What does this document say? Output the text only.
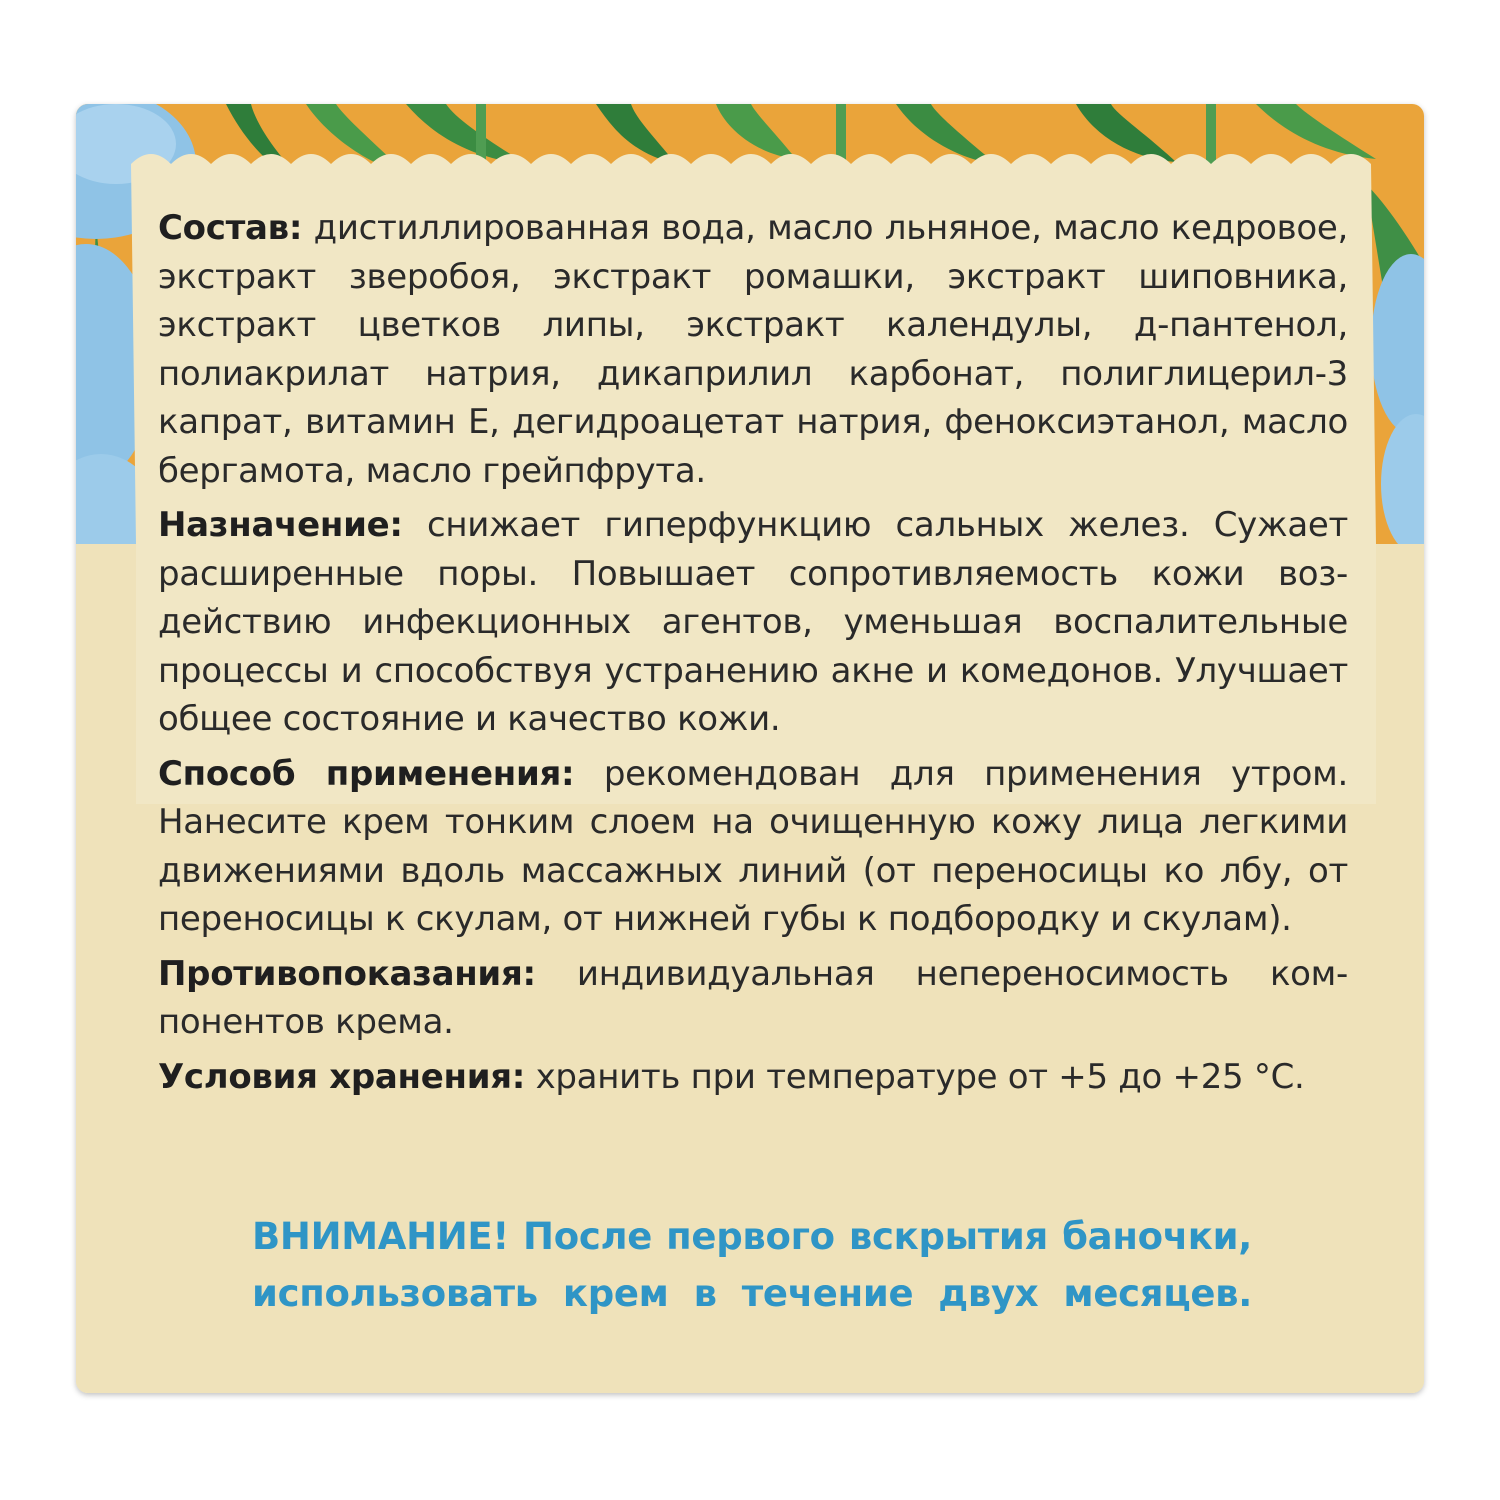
Состав: дистиллированная вода, масло льняное, масло кедровое, экстракт зверобоя, экстракт ромашки, экстракт шиповника, экстракт цветков липы, экстракт календулы, д-пантенол, полиакрилат натрия, дикаприлил карбонат, полиглицерил-3 капрат, витамин Е, дегидроацетат натрия, феноксиэтанол, масло бергамота, масло грейпфрута.

Назначение: снижает гиперфункцию сальных желез. Сужает расширенные поры. Повышает сопротивляемость кожи воз-действию инфекционных агентов, уменьшая воспалительные процессы и способствуя устранению акне и комедонов. Улучшает общее состояние и качество кожи.

Способ применения: рекомендован для применения утром. Нанесите крем тонким слоем на очищенную кожу лица легкими движениями вдоль массажных линий (от переносицы ко лбу, от переносицы к скулам, от нижней губы к подбородку и скулам).

Противопоказания: индивидуальная непереносимость ком-понентов крема.

Условия хранения: хранить при температуре от +5 до +25 °С.

ВНИМАНИЕ! После первого вскрытия баночки,
использовать крем в течение двух месяцев.
